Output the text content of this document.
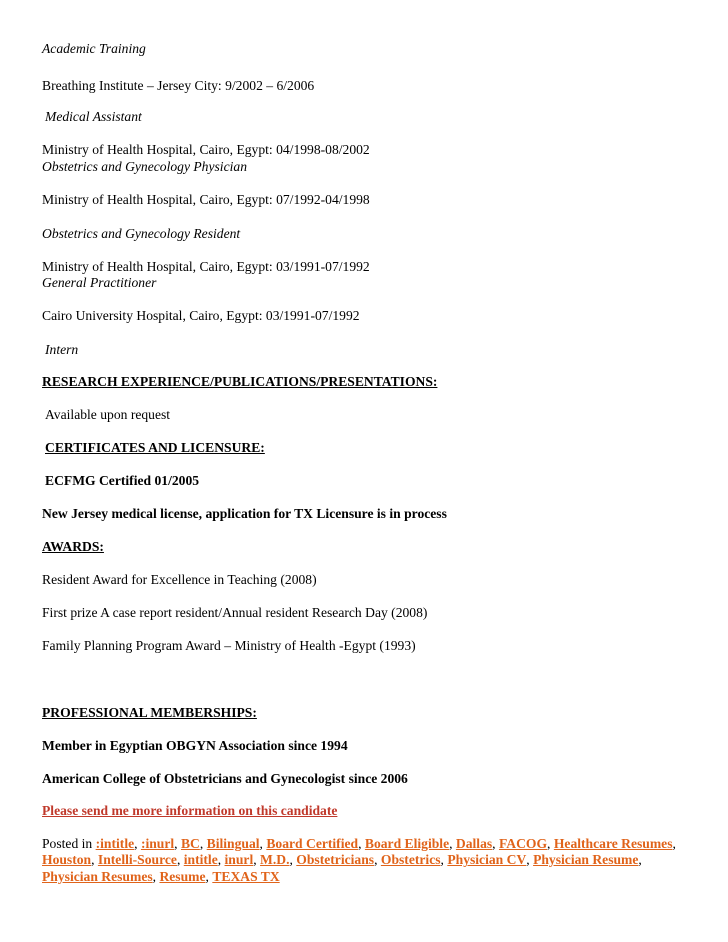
Academic Training
Breathing Institute – Jersey City: 9/2002 – 6/2006
Medical Assistant
Ministry of Health Hospital, Cairo, Egypt: 04/1998-08/2002
Obstetrics and Gynecology Physician
Ministry of Health Hospital, Cairo, Egypt: 07/1992-04/1998
Obstetrics and Gynecology Resident
Ministry of Health Hospital, Cairo, Egypt: 03/1991-07/1992
General Practitioner
Cairo University Hospital, Cairo, Egypt: 03/1991-07/1992
Intern
RESEARCH EXPERIENCE/PUBLICATIONS/PRESENTATIONS:
Available upon request
CERTIFICATES AND LICENSURE:
ECFMG Certified 01/2005
New Jersey medical license, application for TX Licensure is in process
AWARDS:
Resident Award for Excellence in Teaching (2008)
First prize A case report resident/Annual resident Research Day (2008)
Family Planning Program Award – Ministry of Health -Egypt (1993)
PROFESSIONAL MEMBERSHIPS:
Member in Egyptian OBGYN Association since 1994
American College of Obstetricians and Gynecologist since 2006
Please send me more information on this candidate
Posted in :intitle, :inurl, BC, Bilingual, Board Certified, Board Eligible, Dallas, FACOG, Healthcare Resumes, Houston, Intelli-Source, intitle, inurl, M.D., Obstetricians, Obstetrics, Physician CV, Physician Resume, Physician Resumes, Resume, TEXAS TX
